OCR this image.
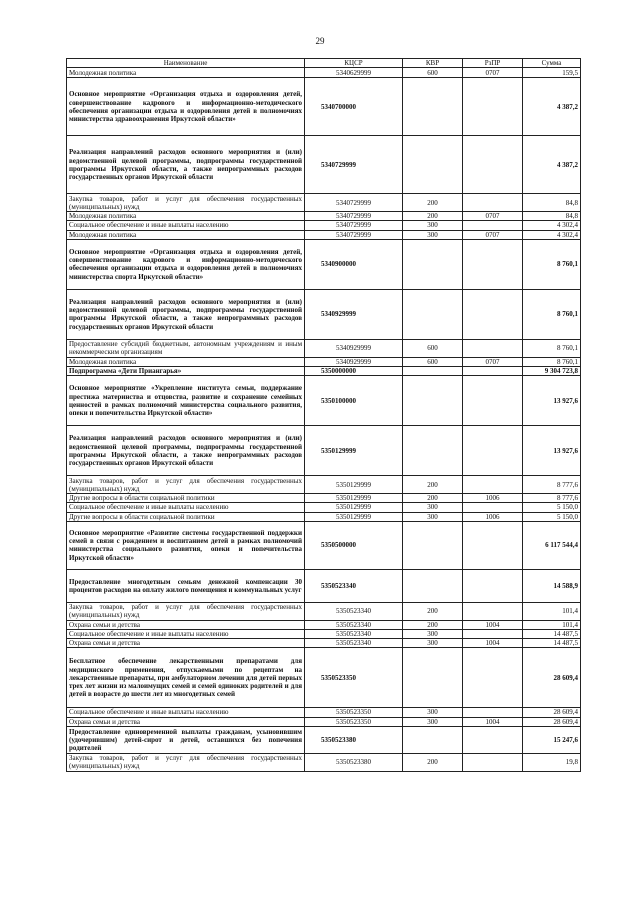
29
Наименование	КЦСР	КВР	РзПР	Сумма
Молодежная политика	5340629999	600	0707	159,5
Основное мероприятие «Организация отдыха и оздоровления детей, совершенствование кадрового и информационно-методического обеспечения организации отдыха и оздоровления детей в полномочиях министерства здравоохранения Иркутской области»	5340700000			4 387,2
Реализация направлений расходов основного мероприятия и (или) ведомственной целевой программы, подпрограммы государственной программы Иркутской области, а также непрограммных расходов государственных органов Иркутской области	5340729999			4 387,2
Закупка товаров, работ и услуг для обеспечения государственных (муниципальных) нужд	5340729999	200		84,8
Молодежная политика	5340729999	200	0707	84,8
Социальное обеспечение и иные выплаты населению	5340729999	300		4 302,4
Молодежная политика	5340729999	300	0707	4 302,4
Основное мероприятие «Организация отдыха и оздоровления детей, совершенствование кадрового и информационно-методического обеспечения организации отдыха и оздоровления детей в полномочиях министерства спорта Иркутской области»	5340900000			8 760,1
Реализация направлений расходов основного мероприятия и (или) ведомственной целевой программы, подпрограммы государственной программы Иркутской области, а также непрограммных расходов государственных органов Иркутской области	5340929999			8 760,1
Предоставление субсидий бюджетным, автономным учреждениям и иным некоммерческим организациям	5340929999	600		8 760,1
Молодежная политика	5340929999	600	0707	8 760,1
Подпрограмма «Дети Приангарья»	5350000000			9 304 723,8
Основное мероприятие «Укрепление института семьи, поддержание престижа материнства и отцовства, развитие и сохранение семейных ценностей в рамках полномочий министерства социального развития, опеки и попечительства Иркутской области»	5350100000			13 927,6
Реализация направлений расходов основного мероприятия и (или) ведомственной целевой программы, подпрограммы государственной программы Иркутской области, а также непрограммных расходов государственных органов Иркутской области	5350129999			13 927,6
Закупка товаров, работ и услуг для обеспечения государственных (муниципальных) нужд	5350129999	200		8 777,6
Другие вопросы в области социальной политики	5350129999	200	1006	8 777,6
Социальное обеспечение и иные выплаты населению	5350129999	300		5 150,0
Другие вопросы в области социальной политики	5350129999	300	1006	5 150,0
Основное мероприятие «Развитие системы государственной поддержки семей в связи с рождением и воспитанием детей в рамках полномочий министерства социального развития, опеки и попечительства Иркутской области»	5350500000			6 117 544,4
Предоставление многодетным семьям денежной компенсации 30 процентов расходов на оплату жилого помещения и коммунальных услуг	5350523340			14 588,9
Закупка товаров, работ и услуг для обеспечения государственных (муниципальных) нужд	5350523340	200		101,4
Охрана семьи и детства	5350523340	200	1004	101,4
Социальное обеспечение и иные выплаты населению	5350523340	300		14 487,5
Охрана семьи и детства	5350523340	300	1004	14 487,5
Бесплатное обеспечение лекарственными препаратами для медицинского применения, отпускаемыми по рецептам на лекарственные препараты, при амбулаторном лечении для детей первых трех лет жизни из малоимущих семей и семей одиноких родителей и для детей в возрасте до шести лет из многодетных семей	5350523350			28 609,4
Социальное обеспечение и иные выплаты населению	5350523350	300		28 609,4
Охрана семьи и детства	5350523350	300	1004	28 609,4
Предоставление единовременной выплаты гражданам, усыновившим (удочерившим) детей-сирот и детей, оставшихся без попечения родителей	5350523380			15 247,6
Закупка товаров, работ и услуг для обеспечения государственных (муниципальных) нужд	5350523380	200		19,8
